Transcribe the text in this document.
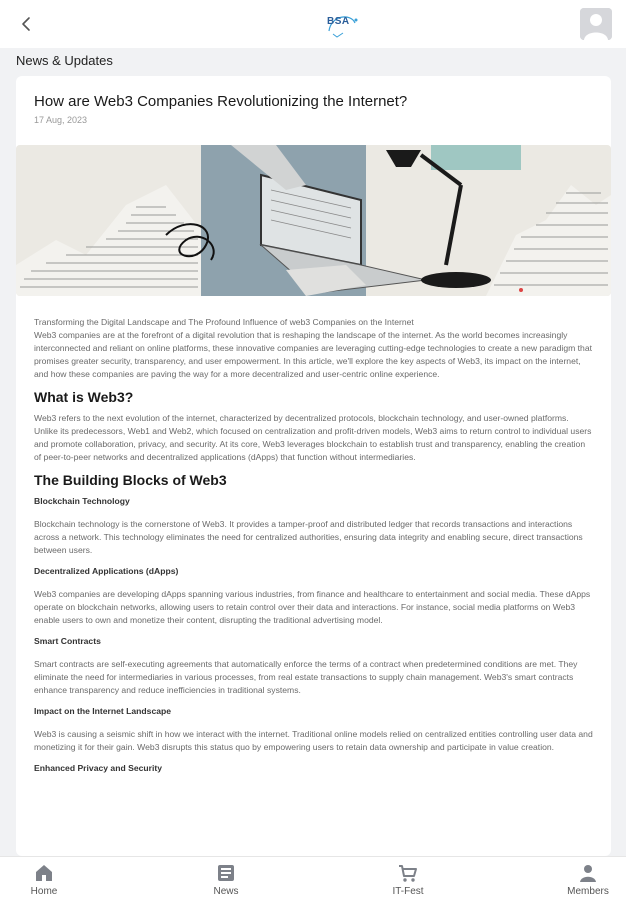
BSA
News & Updates
How are Web3 Companies Revolutionizing the Internet?
17 Aug, 2023

Transforming the Digital Landscape and The Profound Influence of web3 Companies on the Internet

Web3 companies are at the forefront of a digital revolution that is reshaping the landscape of the internet. As the world becomes increasingly interconnected and reliant on online platforms, these innovative companies are leveraging cutting-edge technologies to create a new paradigm that promises greater security, transparency, and user empowerment. In this article, we'll explore the key aspects of Web3, its impact on the internet, and how these companies are paving the way for a more decentralized and user-centric online experience.

What is Web3?

Web3 refers to the next evolution of the internet, characterized by decentralized protocols, blockchain technology, and user-owned platforms. Unlike its predecessors, Web1 and Web2, which focused on centralization and profit-driven models, Web3 aims to return control to individual users and promote collaboration, privacy, and security. At its core, Web3 leverages blockchain to establish trust and transparency, enabling the creation of peer-to-peer networks and decentralized applications (dApps) that function without intermediaries.

The Building Blocks of Web3
Blockchain Technology

Blockchain technology is the cornerstone of Web3. It provides a tamper-proof and distributed ledger that records transactions and interactions across a network. This technology eliminates the need for centralized authorities, ensuring data integrity and enabling secure, direct transactions between users.

Decentralized Applications (dApps)

Web3 companies are developing dApps spanning various industries, from finance and healthcare to entertainment and social media. These dApps operate on blockchain networks, allowing users to retain control over their data and interactions. For instance, social media platforms on Web3 enable users to own and monetize their content, disrupting the traditional advertising model.

Smart Contracts

Smart contracts are self-executing agreements that automatically enforce the terms of a contract when predetermined conditions are met. They eliminate the need for intermediaries in various processes, from real estate transactions to supply chain management. Web3's smart contracts enhance transparency and reduce inefficiencies in traditional systems.

Impact on the Internet Landscape

Web3 is causing a seismic shift in how we interact with the internet. Traditional online models relied on centralized entities controlling user data and monetizing it for their gain. Web3 disrupts this status quo by empowering users to retain data ownership and participate in value creation.

Enhanced Privacy and Security
Home	News	IT-Fest	Members
